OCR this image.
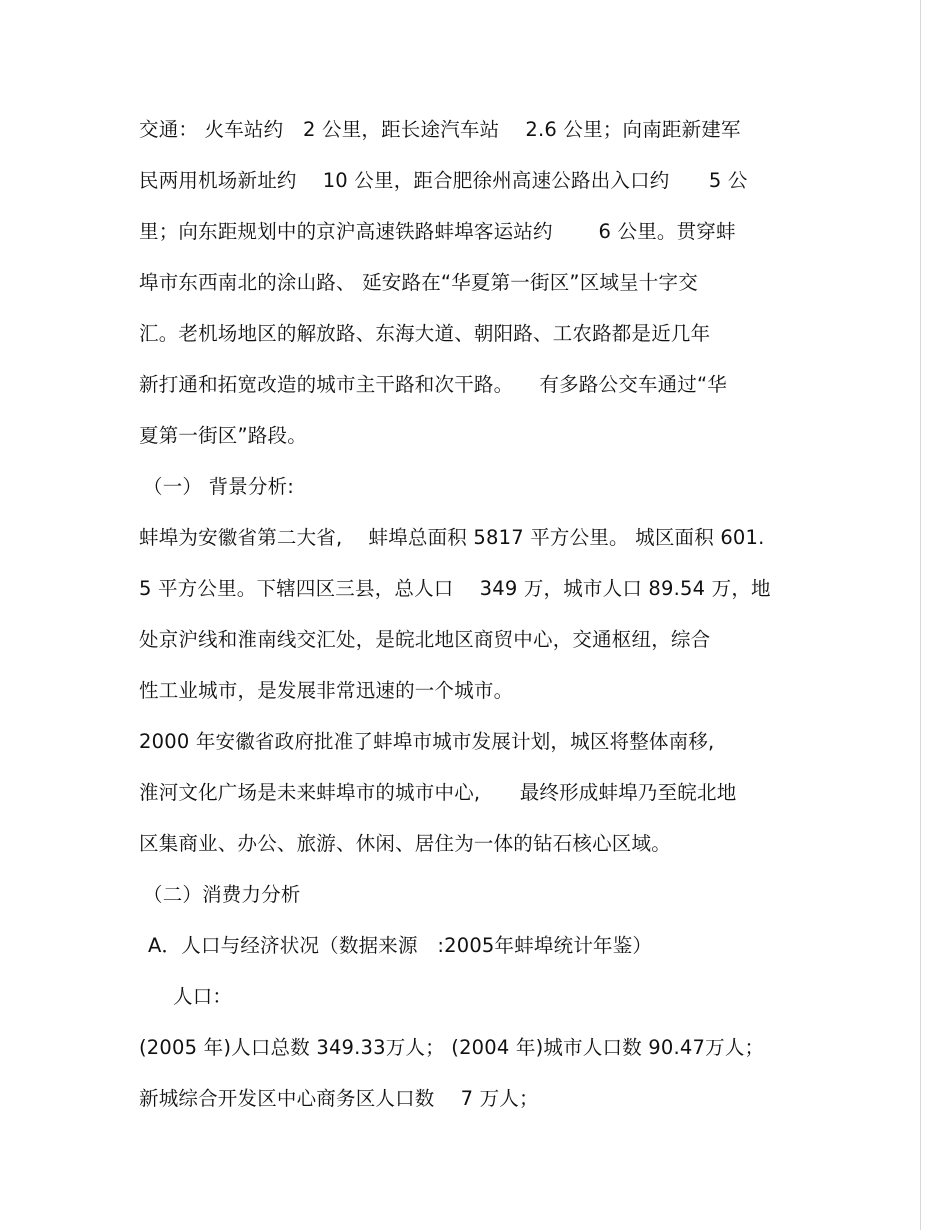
交通： 火车站约　2 公里，距长途汽车站　 2.6 公里；向南距新建军
民两用机场新址约　 10 公里，距合肥徐州高速公路出入口约　　5 公
里；向东距规划中的京沪高速铁路蚌埠客运站约　　 6 公里。贯穿蚌
埠市东西南北的涂山路、 延安路在“华夏第一街区”区域呈十字交
汇。老机场地区的解放路、东海大道、朝阳路、工农路都是近几年
新打通和拓宽改造的城市主干路和次干路。 　有多路公交车通过“华
夏第一街区”路段。
（一） 背景分析:
蚌埠为安徽省第二大省,　 蚌埠总面积 5817 平方公里。 城区面积 601.
5 平方公里。下辖四区三县，总人口　 349 万，城市人口 89.54 万，地
处京沪线和淮南线交汇处，是皖北地区商贸中心，交通枢纽，综合
性工业城市，是发展非常迅速的一个城市。
2000 年安徽省政府批准了蚌埠市城市发展计划，城区将整体南移,
淮河文化广场是未来蚌埠市的城市中心,　　最终形成蚌埠乃至皖北地
区集商业、办公、旅游、休闲、居住为一体的钻石核心区域。
（二）消费力分析
A．人口与经济状况（数据来源　:2005年蚌埠统计年鉴）
人口：
(2005 年)人口总数 349.33万人； (2004 年)城市人口数 90.47万人；
新城综合开发区中心商务区人口数　 7 万人；
